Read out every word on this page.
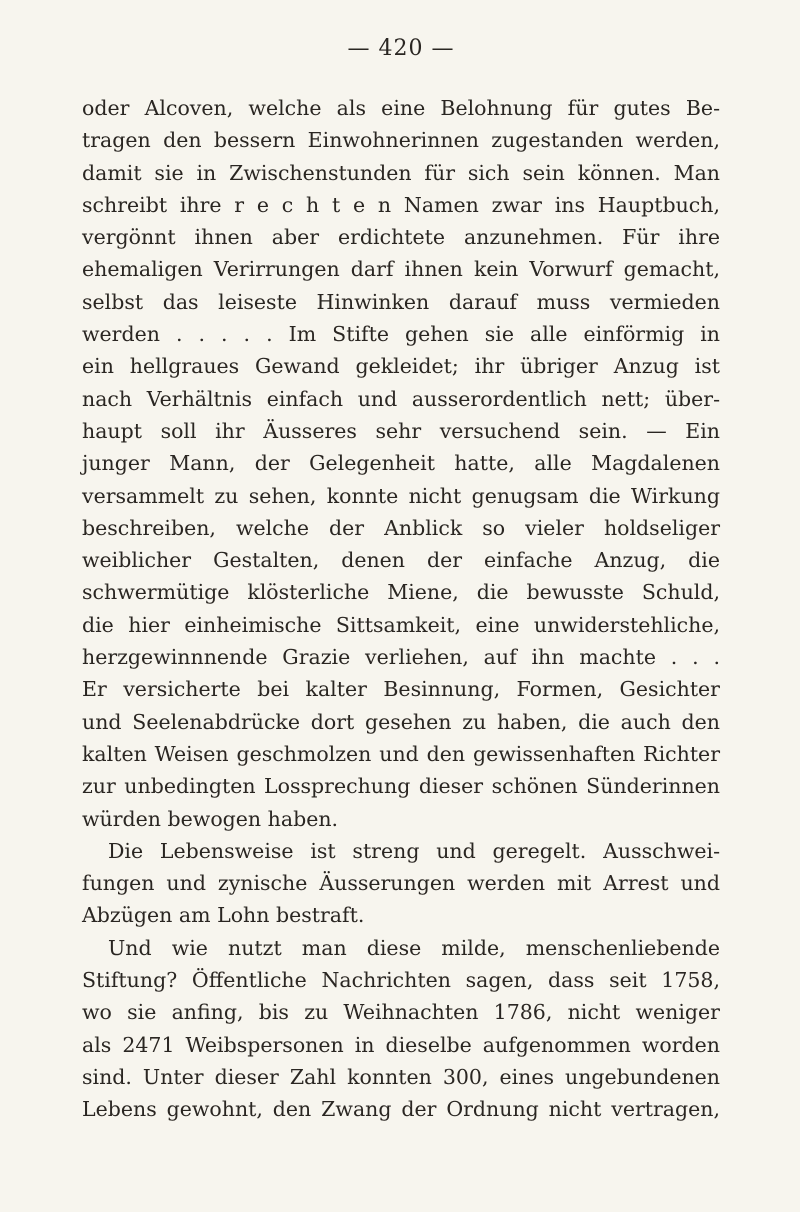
— 420 —
oder Alcoven, welche als eine Belohnung für gutes Be-
tragen den bessern Einwohnerinnen zugestanden werden,
damit sie in Zwischenstunden für sich sein können. Man
schreibt ihre r e c h t e n Namen zwar ins Hauptbuch,
vergönnt ihnen aber erdichtete anzunehmen. Für ihre
ehemaligen Verirrungen darf ihnen kein Vorwurf gemacht,
selbst das leiseste Hinwinken darauf muss vermieden
werden . . . . . Im Stifte gehen sie alle einförmig in
ein hellgraues Gewand gekleidet; ihr übriger Anzug ist
nach Verhältnis einfach und ausserordentlich nett; über-
haupt soll ihr Äusseres sehr versuchend sein. — Ein
junger Mann, der Gelegenheit hatte, alle Magdalenen
versammelt zu sehen, konnte nicht genugsam die Wirkung
beschreiben, welche der Anblick so vieler holdseliger
weiblicher Gestalten, denen der einfache Anzug, die
schwermütige klösterliche Miene, die bewusste Schuld,
die hier einheimische Sittsamkeit, eine unwiderstehliche,
herzgewinnnende Grazie verliehen, auf ihn machte . . .
Er versicherte bei kalter Besinnung, Formen, Gesichter
und Seelenabdrücke dort gesehen zu haben, die auch den
kalten Weisen geschmolzen und den gewissenhaften Richter
zur unbedingten Lossprechung dieser schönen Sünderinnen
würden bewogen haben.
Die Lebensweise ist streng und geregelt. Ausschwei-
fungen und zynische Äusserungen werden mit Arrest und
Abzügen am Lohn bestraft.
Und wie nutzt man diese milde, menschenliebende
Stiftung? Öffentliche Nachrichten sagen, dass seit 1758,
wo sie anfing, bis zu Weihnachten 1786, nicht weniger
als 2471 Weibspersonen in dieselbe aufgenommen worden
sind. Unter dieser Zahl konnten 300, eines ungebundenen
Lebens gewohnt, den Zwang der Ordnung nicht vertragen,
